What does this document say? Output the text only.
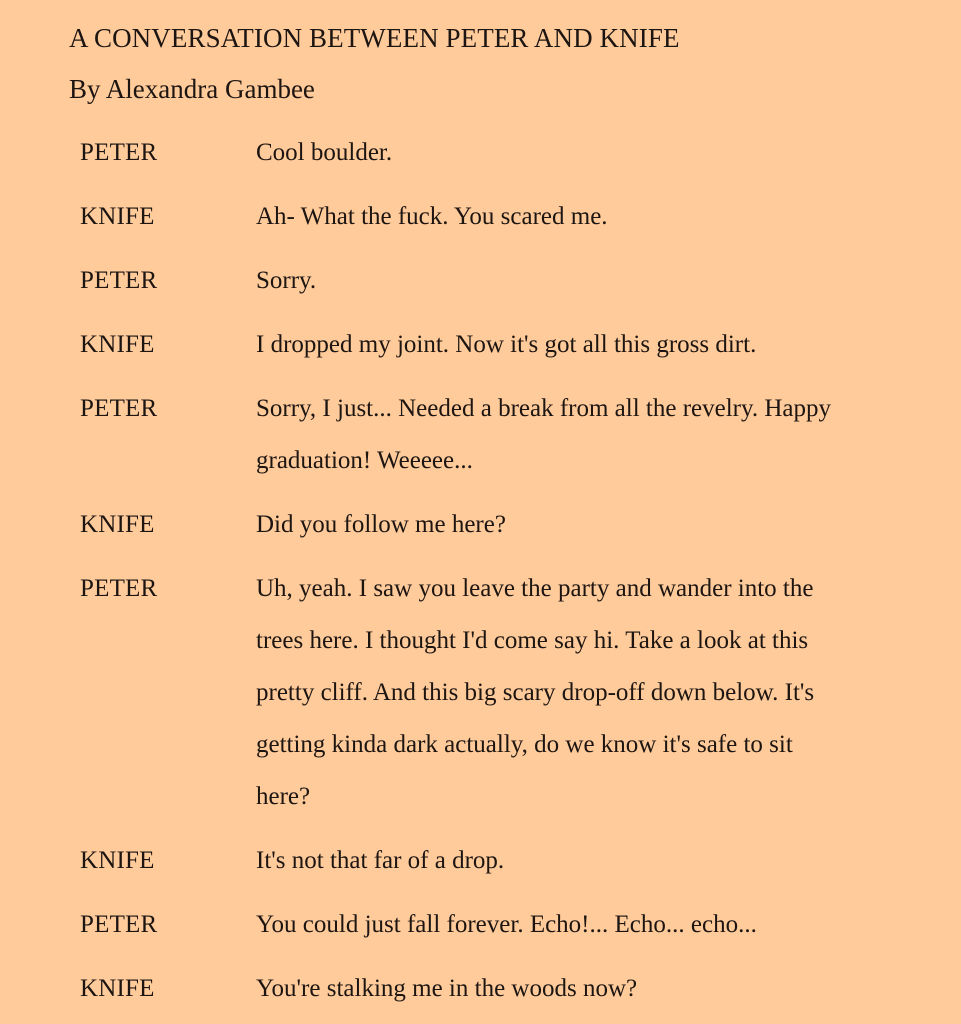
A CONVERSATION BETWEEN PETER AND KNIFE
By Alexandra Gambee
PETER	Cool boulder.
KNIFE	Ah- What the fuck. You scared me.
PETER	Sorry.
KNIFE	I dropped my joint. Now it's got all this gross dirt.
PETER	Sorry, I just... Needed a break from all the revelry. Happy graduation! Weeeee...
KNIFE	Did you follow me here?
PETER	Uh, yeah. I saw you leave the party and wander into the trees here. I thought I'd come say hi. Take a look at this pretty cliff. And this big scary drop-off down below. It's getting kinda dark actually, do we know it's safe to sit here?
KNIFE	It's not that far of a drop.
PETER	You could just fall forever. Echo!... Echo... echo...
KNIFE	You're stalking me in the woods now?
